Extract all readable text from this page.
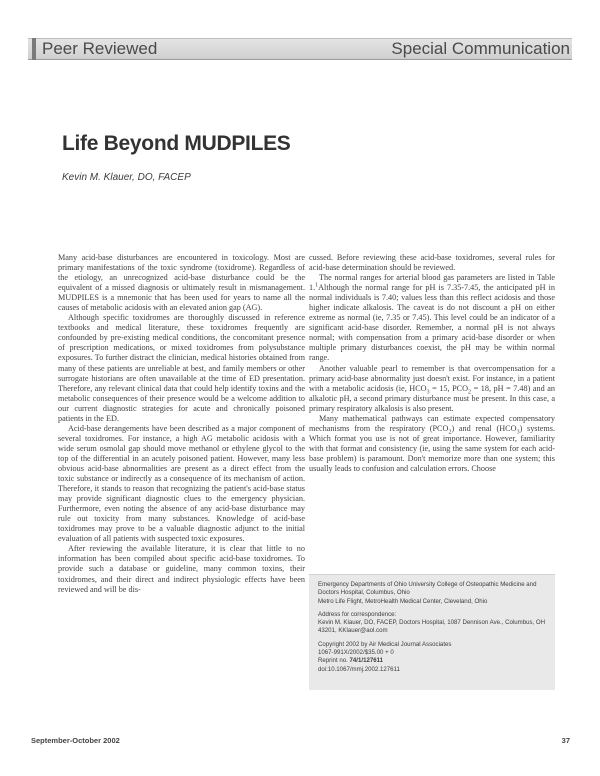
Peer Reviewed	Special Communication
Life Beyond MUDPILES
Kevin M. Klauer, DO, FACEP

Many acid-base disturbances are encountered in toxicology. Most are primary manifestations of the toxic syndrome (toxidrome). Regardless of the etiology, an unrecognized acid-base disturbance could be the equivalent of a missed diagnosis or ultimately result in mismanagement. MUDPILES is a mnemonic that has been used for years to name all the causes of metabolic acidosis with an elevated anion gap (AG).

Although specific toxidromes are thoroughly discussed in reference textbooks and medical literature, these toxidromes frequently are confounded by pre-existing medical conditions, the concomitant presence of prescription medications, or mixed toxidromes from polysubstance exposures. To further distract the clinician, medical histories obtained from many of these patients are unreliable at best, and family members or other surrogate historians are often unavailable at the time of ED presentation. Therefore, any relevant clinical data that could help identify toxins and the metabolic consequences of their presence would be a welcome addition to our current diagnostic strategies for acute and chronically poisoned patients in the ED.

Acid-base derangements have been described as a major component of several toxidromes. For instance, a high AG metabolic acidosis with a wide serum osmolal gap should move methanol or ethylene glycol to the top of the differential in an acutely poisoned patient. However, many less obvious acid-base abnormalities are present as a direct effect from the toxic substance or indirectly as a consequence of its mechanism of action. Therefore, it stands to reason that recognizing the patient's acid-base status may provide significant diagnostic clues to the emergency physician. Furthermore, even noting the absence of any acid-base disturbance may rule out toxicity from many substances. Knowledge of acid-base toxidromes may prove to be a valuable diagnostic adjunct to the initial evaluation of all patients with suspected toxic exposures.

After reviewing the available literature, it is clear that little to no information has been compiled about specific acid-base toxidromes. To provide such a database or guideline, many common toxins, their toxidromes, and their direct and indirect physiologic effects have been reviewed and will be dis-

cussed. Before reviewing these acid-base toxidromes, several rules for acid-base determination should be reviewed.

The normal ranges for arterial blood gas parameters are listed in Table 1.$^1$Although the normal range for pH is 7.35-7.45, the anticipated pH in normal individuals is 7.40; values less than this reflect acidosis and those higher indicate alkalosis. The caveat is do not discount a pH on either extreme as normal (ie, 7.35 or 7.45). This level could be an indicator of a significant acid-base disorder. Remember, a normal pH is not always normal; with compensation from a primary acid-base disorder or when multiple primary disturbances coexist, the pH may be within normal range.

Another valuable pearl to remember is that overcompensation for a primary acid-base abnormality just doesn't exist. For instance, in a patient with a metabolic acidosis (ie, $HCO_3 = 15$, $PCO_2 = 18$, pH = 7.48) and an alkalotic pH, a second primary disturbance must be present. In this case, a primary respiratory alkalosis is also present.

Many mathematical pathways can estimate expected compensatory mechanisms from the respiratory $(PCO_2)$ and renal $(HCO_3)$ systems. Which format you use is not of great importance. However, familiarity with that format and consistency (ie, using the same system for each acid-base problem) is paramount. Don't memorize more than one system; this usually leads to confusion and calculation errors. Choose

Emergency Departments of Ohio University College of Osteopathic Medicine and Doctors Hospital, Columbus, Ohio
Metro Life Flight, MetroHealth Medical Center, Cleveland, Ohio
Address for correspondence:
Kevin M. Klauer, DO, FACEP, Doctors Hospital, 1087 Dennison Ave., Columbus, OH 43201, KKlauer@aol.com
Copyright 2002 by Air Medical Journal Associates
1067-991X/2002/$35.00 + 0
Reprint no. 74/1/127611
doi:10.1067/mmj.2002.127611
September-October 2002	37
